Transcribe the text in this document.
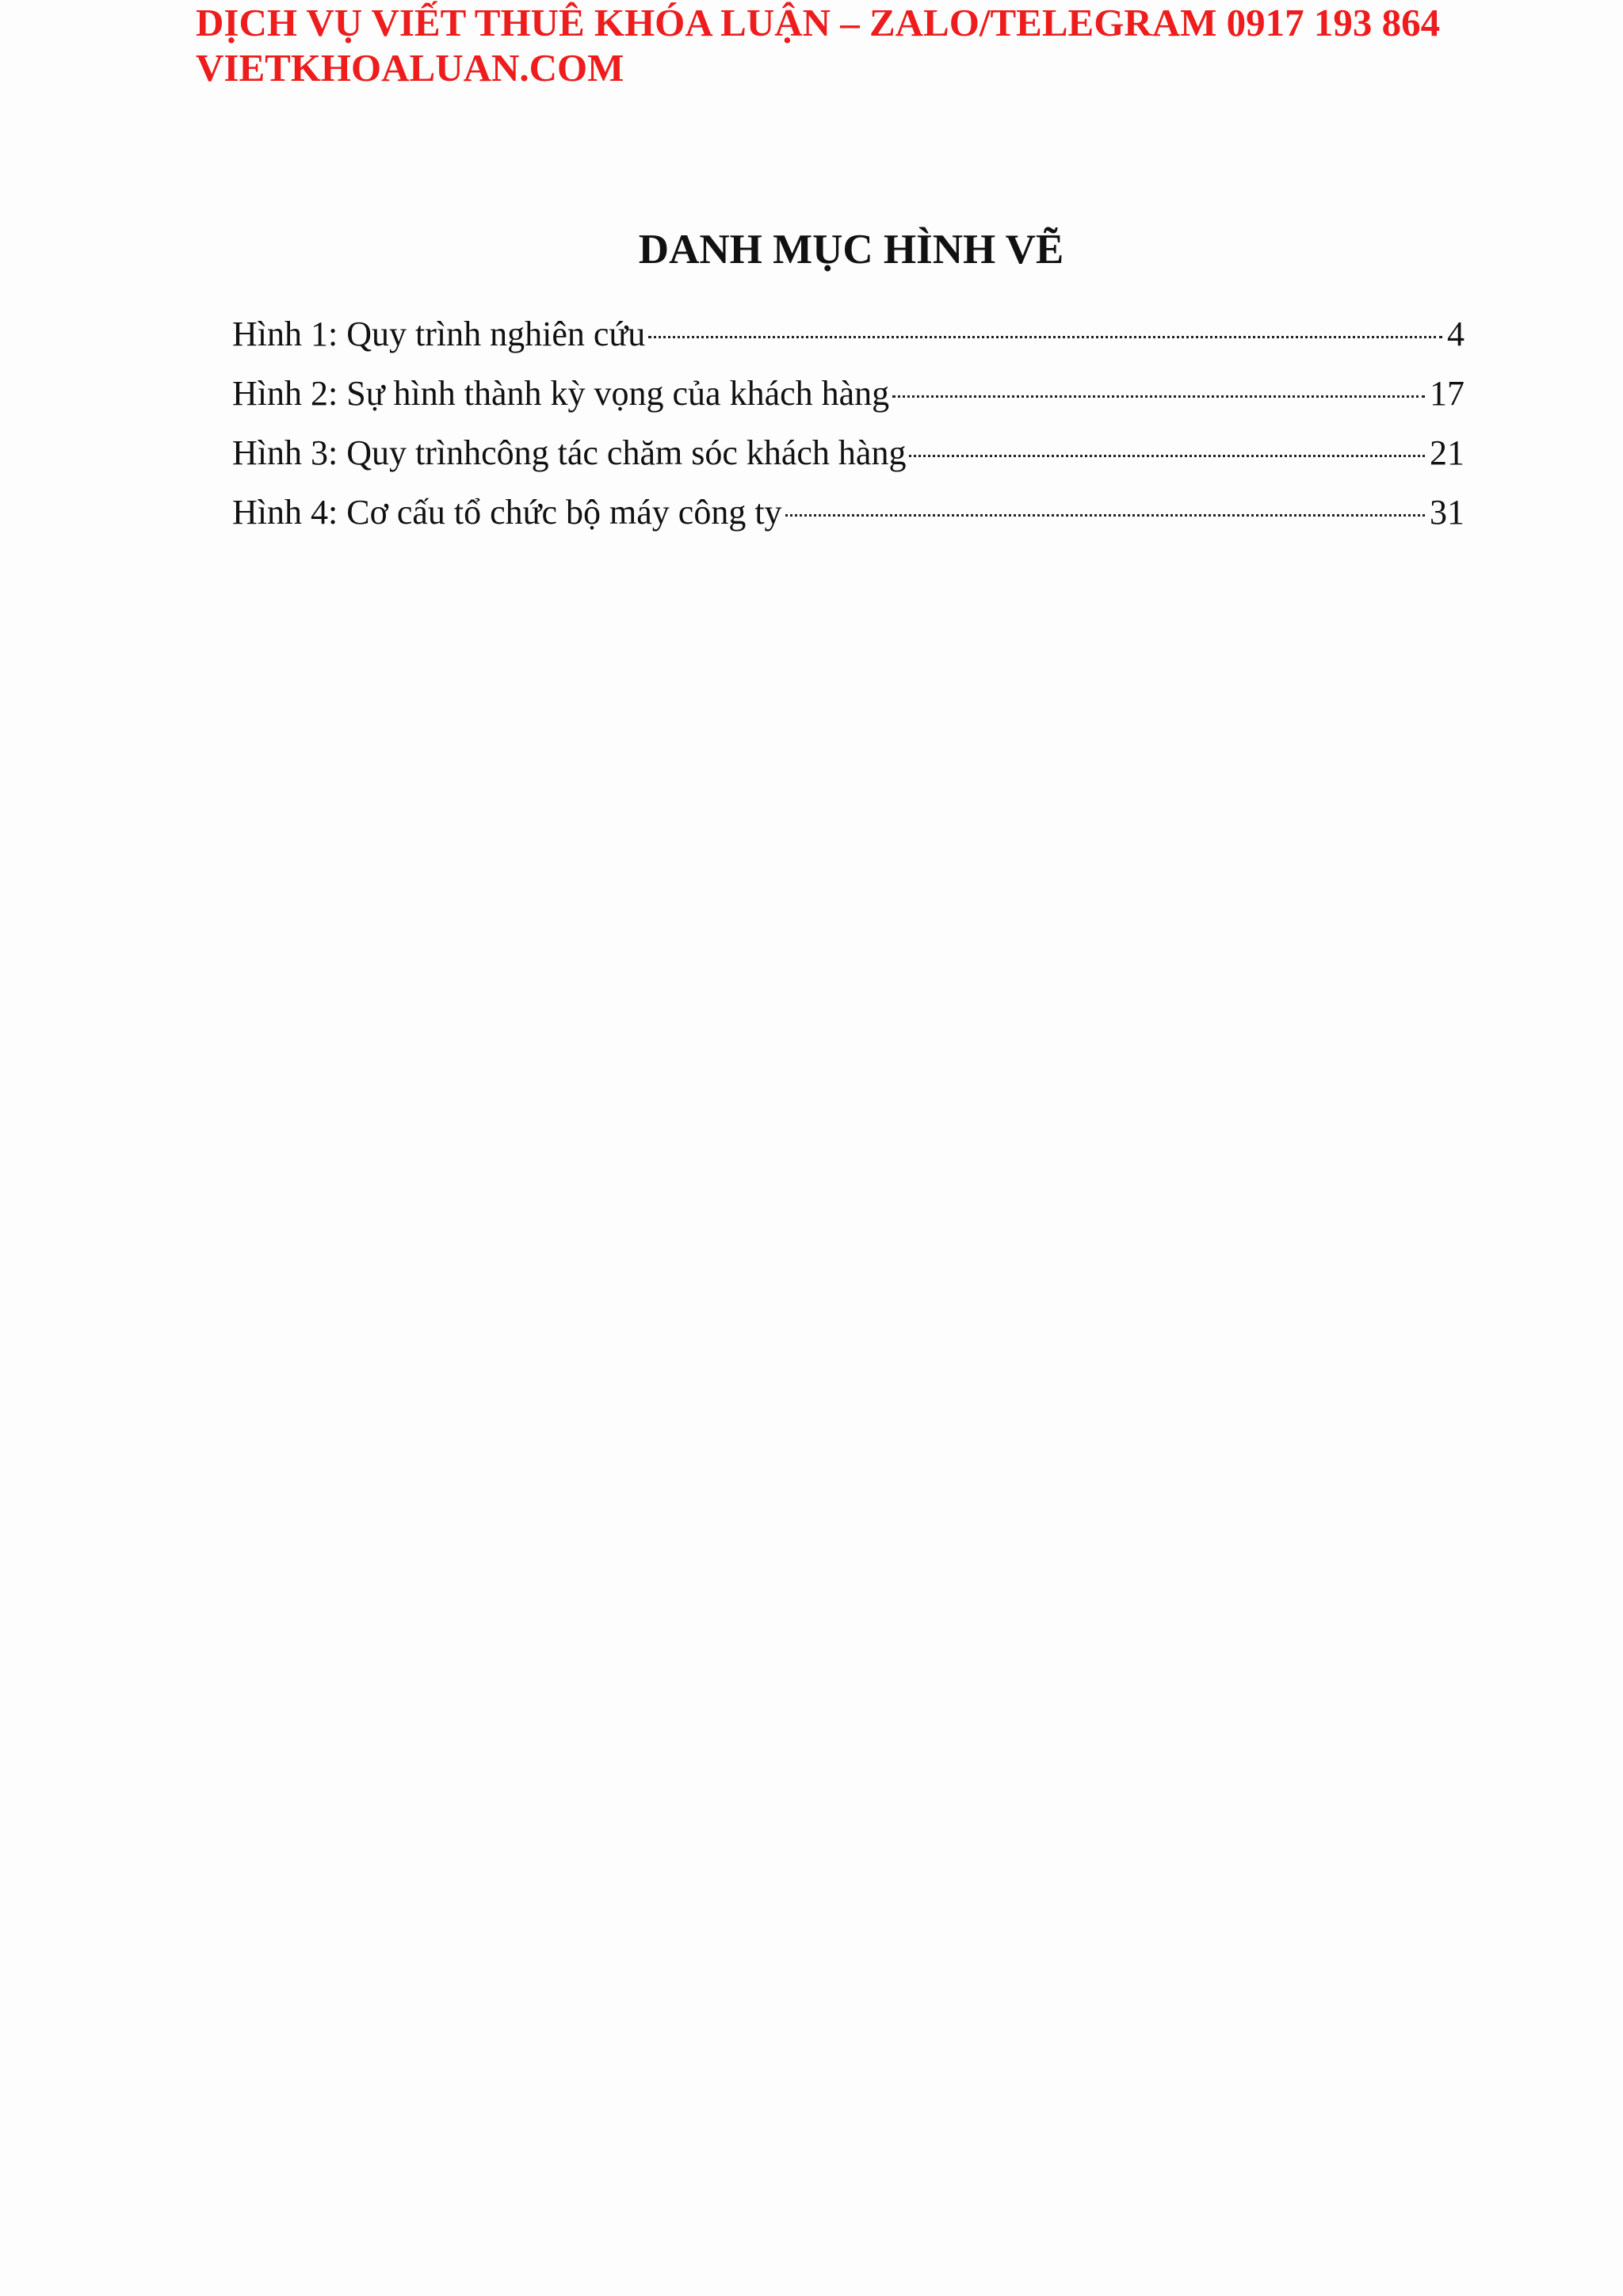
DỊCH VỤ VIẾT THUÊ KHÓA LUẬN – ZALO/TELEGRAM 0917 193 864
VIETKHOALUAN.COM
DANH MỤC HÌNH VẼ
Hình 1: Quy trình nghiên cứu	4
Hình 2: Sự hình thành kỳ vọng của khách hàng	17
Hình 3: Quy trìnhcông tác chăm sóc khách hàng	21
Hình 4: Cơ cấu tổ chức bộ máy công ty	31
